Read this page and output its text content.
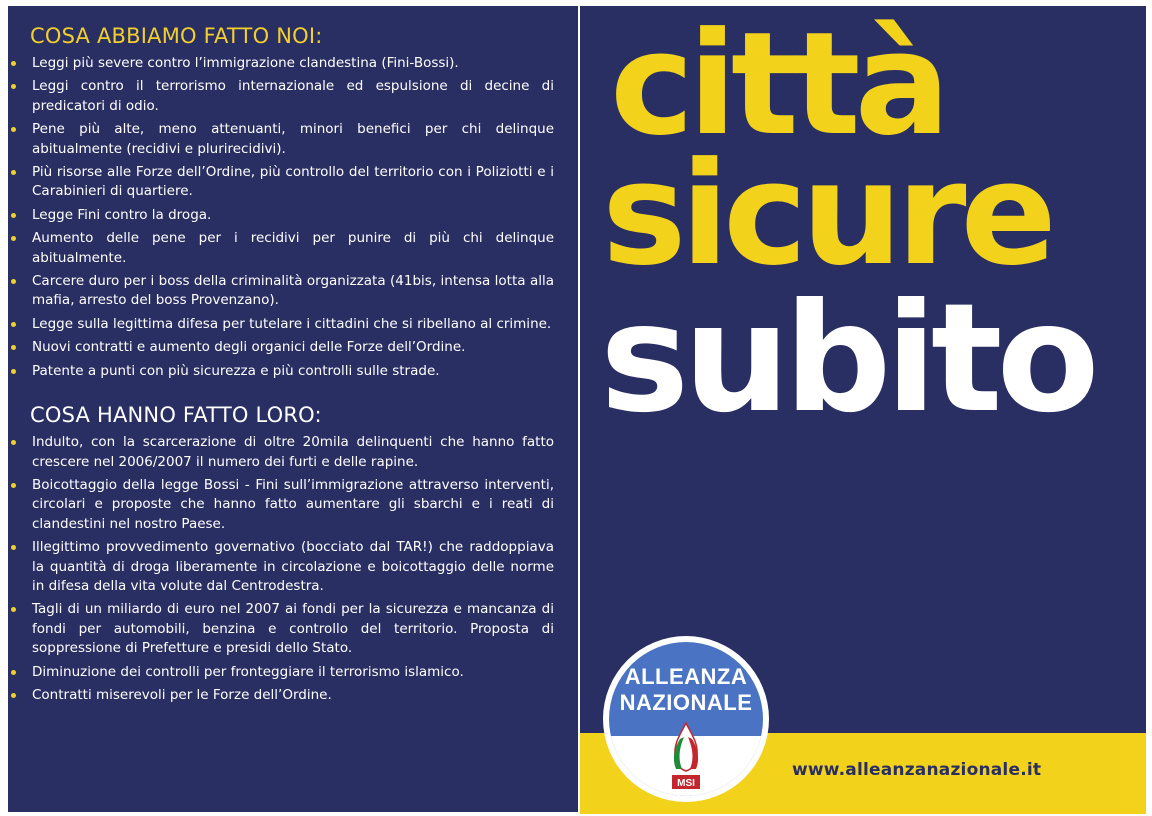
COSA ABBIAMO FATTO NOI:
Leggi più severe contro l’immigrazione clandestina (Fini-Bossi).
Leggi contro il terrorismo internazionale ed espulsione di decine di predicatori di odio.
Pene più alte, meno attenuanti, minori benefici per chi delinque abitualmente (recidivi e plurirecidivi).
Più risorse alle Forze dell’Ordine, più controllo del territorio con i Poliziotti e i Carabinieri di quartiere.
Legge Fini contro la droga.
Aumento delle pene per i recidivi per punire di più chi delinque abitualmente.
Carcere duro per i boss della criminalità organizzata (41bis, intensa lotta alla mafia, arresto del boss Provenzano).
Legge sulla legittima difesa per tutelare i cittadini che si ribellano al crimine.
Nuovi contratti e aumento degli organici delle Forze dell’Ordine.
Patente a punti con più sicurezza e più controlli sulle strade.
COSA HANNO FATTO LORO:
Indulto, con la scarcerazione di oltre 20mila delinquenti che hanno fatto crescere nel 2006/2007 il numero dei furti e delle rapine.
Boicottaggio della legge Bossi - Fini sull’immigrazione attraverso interventi, circolari e proposte che hanno fatto aumentare gli sbarchi e i reati di clandestini nel nostro Paese.
Illegittimo provvedimento governativo (bocciato dal TAR!) che raddoppiava la quantità di droga liberamente in circolazione e boicottaggio delle norme in difesa della vita volute dal Centrodestra.
Tagli di un miliardo di euro nel 2007 ai fondi per la sicurezza e mancanza di fondi per automobili, benzina e controllo del territorio. Proposta di soppressione di Prefetture e presidi dello Stato.
Diminuzione dei controlli per fronteggiare il terrorismo islamico.
Contratti miserevoli per le Forze dell’Ordine.
città
sicure
subito
ALLEANZA
NAZIONALE
MSI
www.alleanzanazionale.it
